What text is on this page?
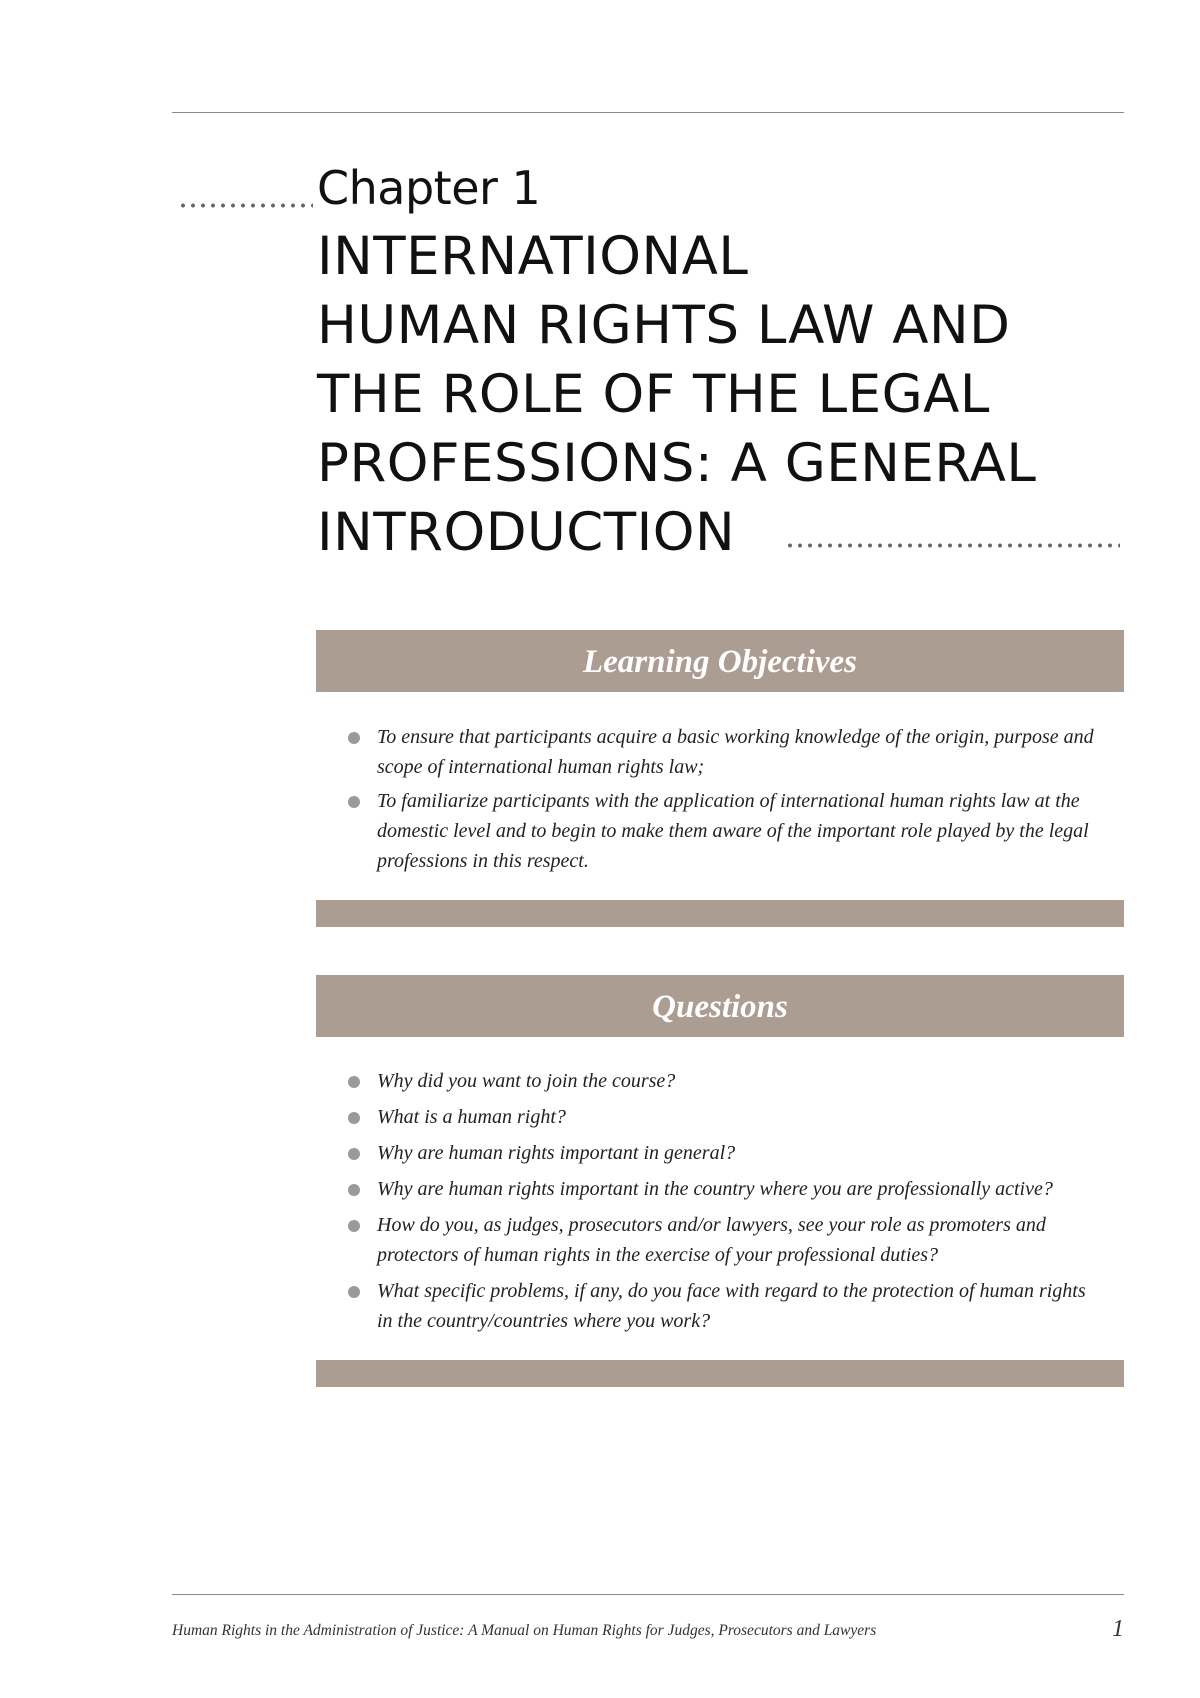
Chapter 1
INTERNATIONAL
HUMAN RIGHTS LAW AND
THE ROLE OF THE LEGAL
PROFESSIONS: A GENERAL
INTRODUCTION
Learning Objectives
To ensure that participants acquire a basic working knowledge of the origin, purpose and scope of international human rights law;
To familiarize participants with the application of international human rights law at the domestic level and to begin to make them aware of the important role played by the legal professions in this respect.
Questions
Why did you want to join the course?
What is a human right?
Why are human rights important in general?
Why are human rights important in the country where you are professionally active?
How do you, as judges, prosecutors and/or lawyers, see your role as promoters and protectors of human rights in the exercise of your professional duties?
What specific problems, if any, do you face with regard to the protection of human rights in the country/countries where you work?
Human Rights in the Administration of Justice: A Manual on Human Rights for Judges, Prosecutors and Lawyers	1
